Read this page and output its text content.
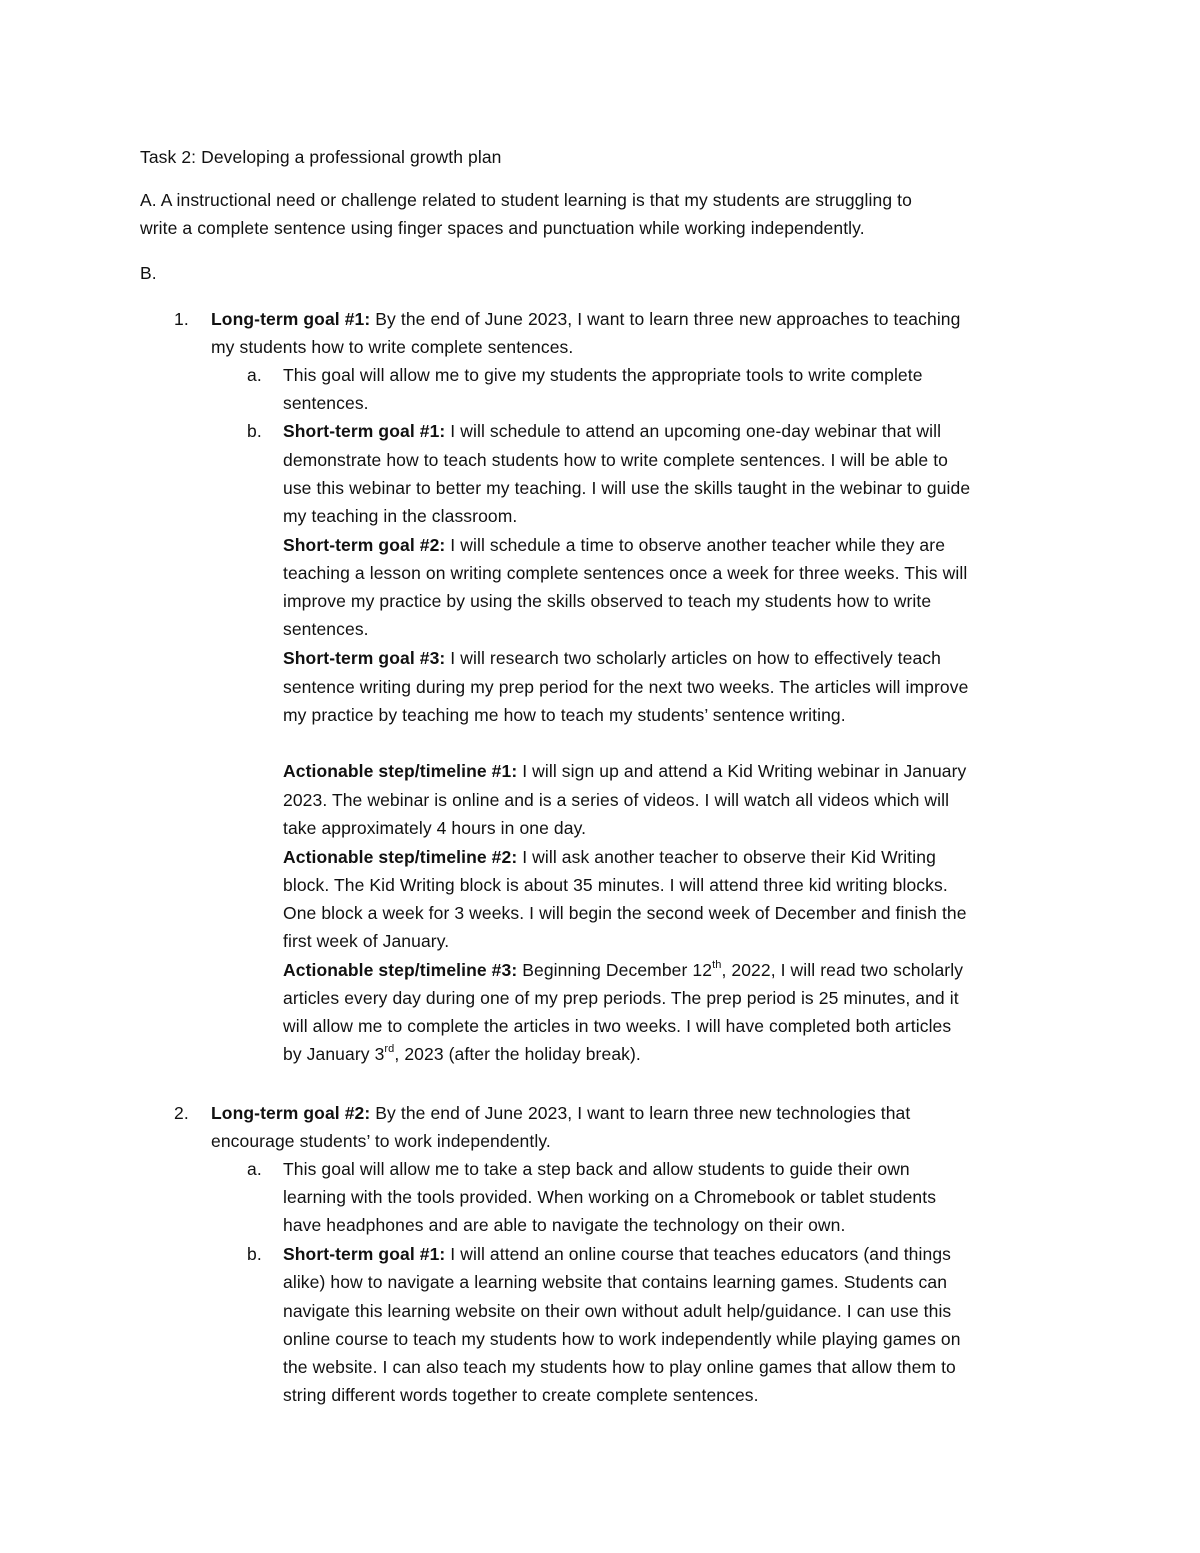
Task 2: Developing a professional growth plan
A. A instructional need or challenge related to student learning is that my students are struggling to
write a complete sentence using finger spaces and punctuation while working independently.
B.
1. Long-term goal #1: By the end of June 2023, I want to learn three new approaches to teaching
my students how to write complete sentences.
a. This goal will allow me to give my students the appropriate tools to write complete
sentences.
b. Short-term goal #1: I will schedule to attend an upcoming one-day webinar that will
demonstrate how to teach students how to write complete sentences. I will be able to
use this webinar to better my teaching. I will use the skills taught in the webinar to guide
my teaching in the classroom.
Short-term goal #2: I will schedule a time to observe another teacher while they are
teaching a lesson on writing complete sentences once a week for three weeks. This will
improve my practice by using the skills observed to teach my students how to write
sentences.
Short-term goal #3: I will research two scholarly articles on how to effectively teach
sentence writing during my prep period for the next two weeks. The articles will improve
my practice by teaching me how to teach my students’ sentence writing.
Actionable step/timeline #1: I will sign up and attend a Kid Writing webinar in January
2023. The webinar is online and is a series of videos. I will watch all videos which will
take approximately 4 hours in one day.
Actionable step/timeline #2: I will ask another teacher to observe their Kid Writing
block. The Kid Writing block is about 35 minutes. I will attend three kid writing blocks.
One block a week for 3 weeks. I will begin the second week of December and finish the
first week of January.
Actionable step/timeline #3: Beginning December 12th, 2022, I will read two scholarly
articles every day during one of my prep periods. The prep period is 25 minutes, and it
will allow me to complete the articles in two weeks. I will have completed both articles
by January 3rd, 2023 (after the holiday break).
2. Long-term goal #2: By the end of June 2023, I want to learn three new technologies that
encourage students’ to work independently.
a. This goal will allow me to take a step back and allow students to guide their own
learning with the tools provided. When working on a Chromebook or tablet students
have headphones and are able to navigate the technology on their own.
b. Short-term goal #1: I will attend an online course that teaches educators (and things
alike) how to navigate a learning website that contains learning games. Students can
navigate this learning website on their own without adult help/guidance. I can use this
online course to teach my students how to work independently while playing games on
the website. I can also teach my students how to play online games that allow them to
string different words together to create complete sentences.
